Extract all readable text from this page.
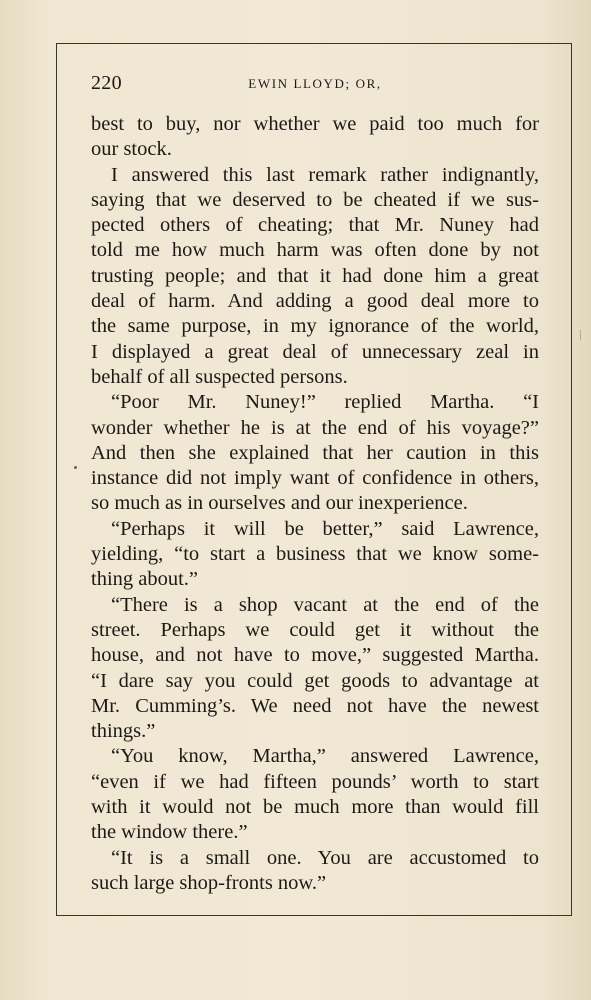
220	EWIN LLOYD; OR,
best to buy, nor whether we paid too much for
our stock.
I answered this last remark rather indignantly,
saying that we deserved to be cheated if we sus-
pected others of cheating; that Mr. Nuney had
told me how much harm was often done by not
trusting people; and that it had done him a great
deal of harm. And adding a good deal more to
the same purpose, in my ignorance of the world,
I displayed a great deal of unnecessary zeal in
behalf of all suspected persons.
“Poor Mr. Nuney!” replied Martha. “I
wonder whether he is at the end of his voyage?”
And then she explained that her caution in this
instance did not imply want of confidence in others,
so much as in ourselves and our inexperience.
“Perhaps it will be better,” said Lawrence,
yielding, “to start a business that we know some-
thing about.”
“There is a shop vacant at the end of the
street. Perhaps we could get it without the
house, and not have to move,” suggested Martha.
“I dare say you could get goods to advantage at
Mr. Cumming’s. We need not have the newest
things.”
“You know, Martha,” answered Lawrence,
“even if we had fifteen pounds’ worth to start
with it would not be much more than would fill
the window there.”
“It is a small one. You are accustomed to
such large shop-fronts now.”
